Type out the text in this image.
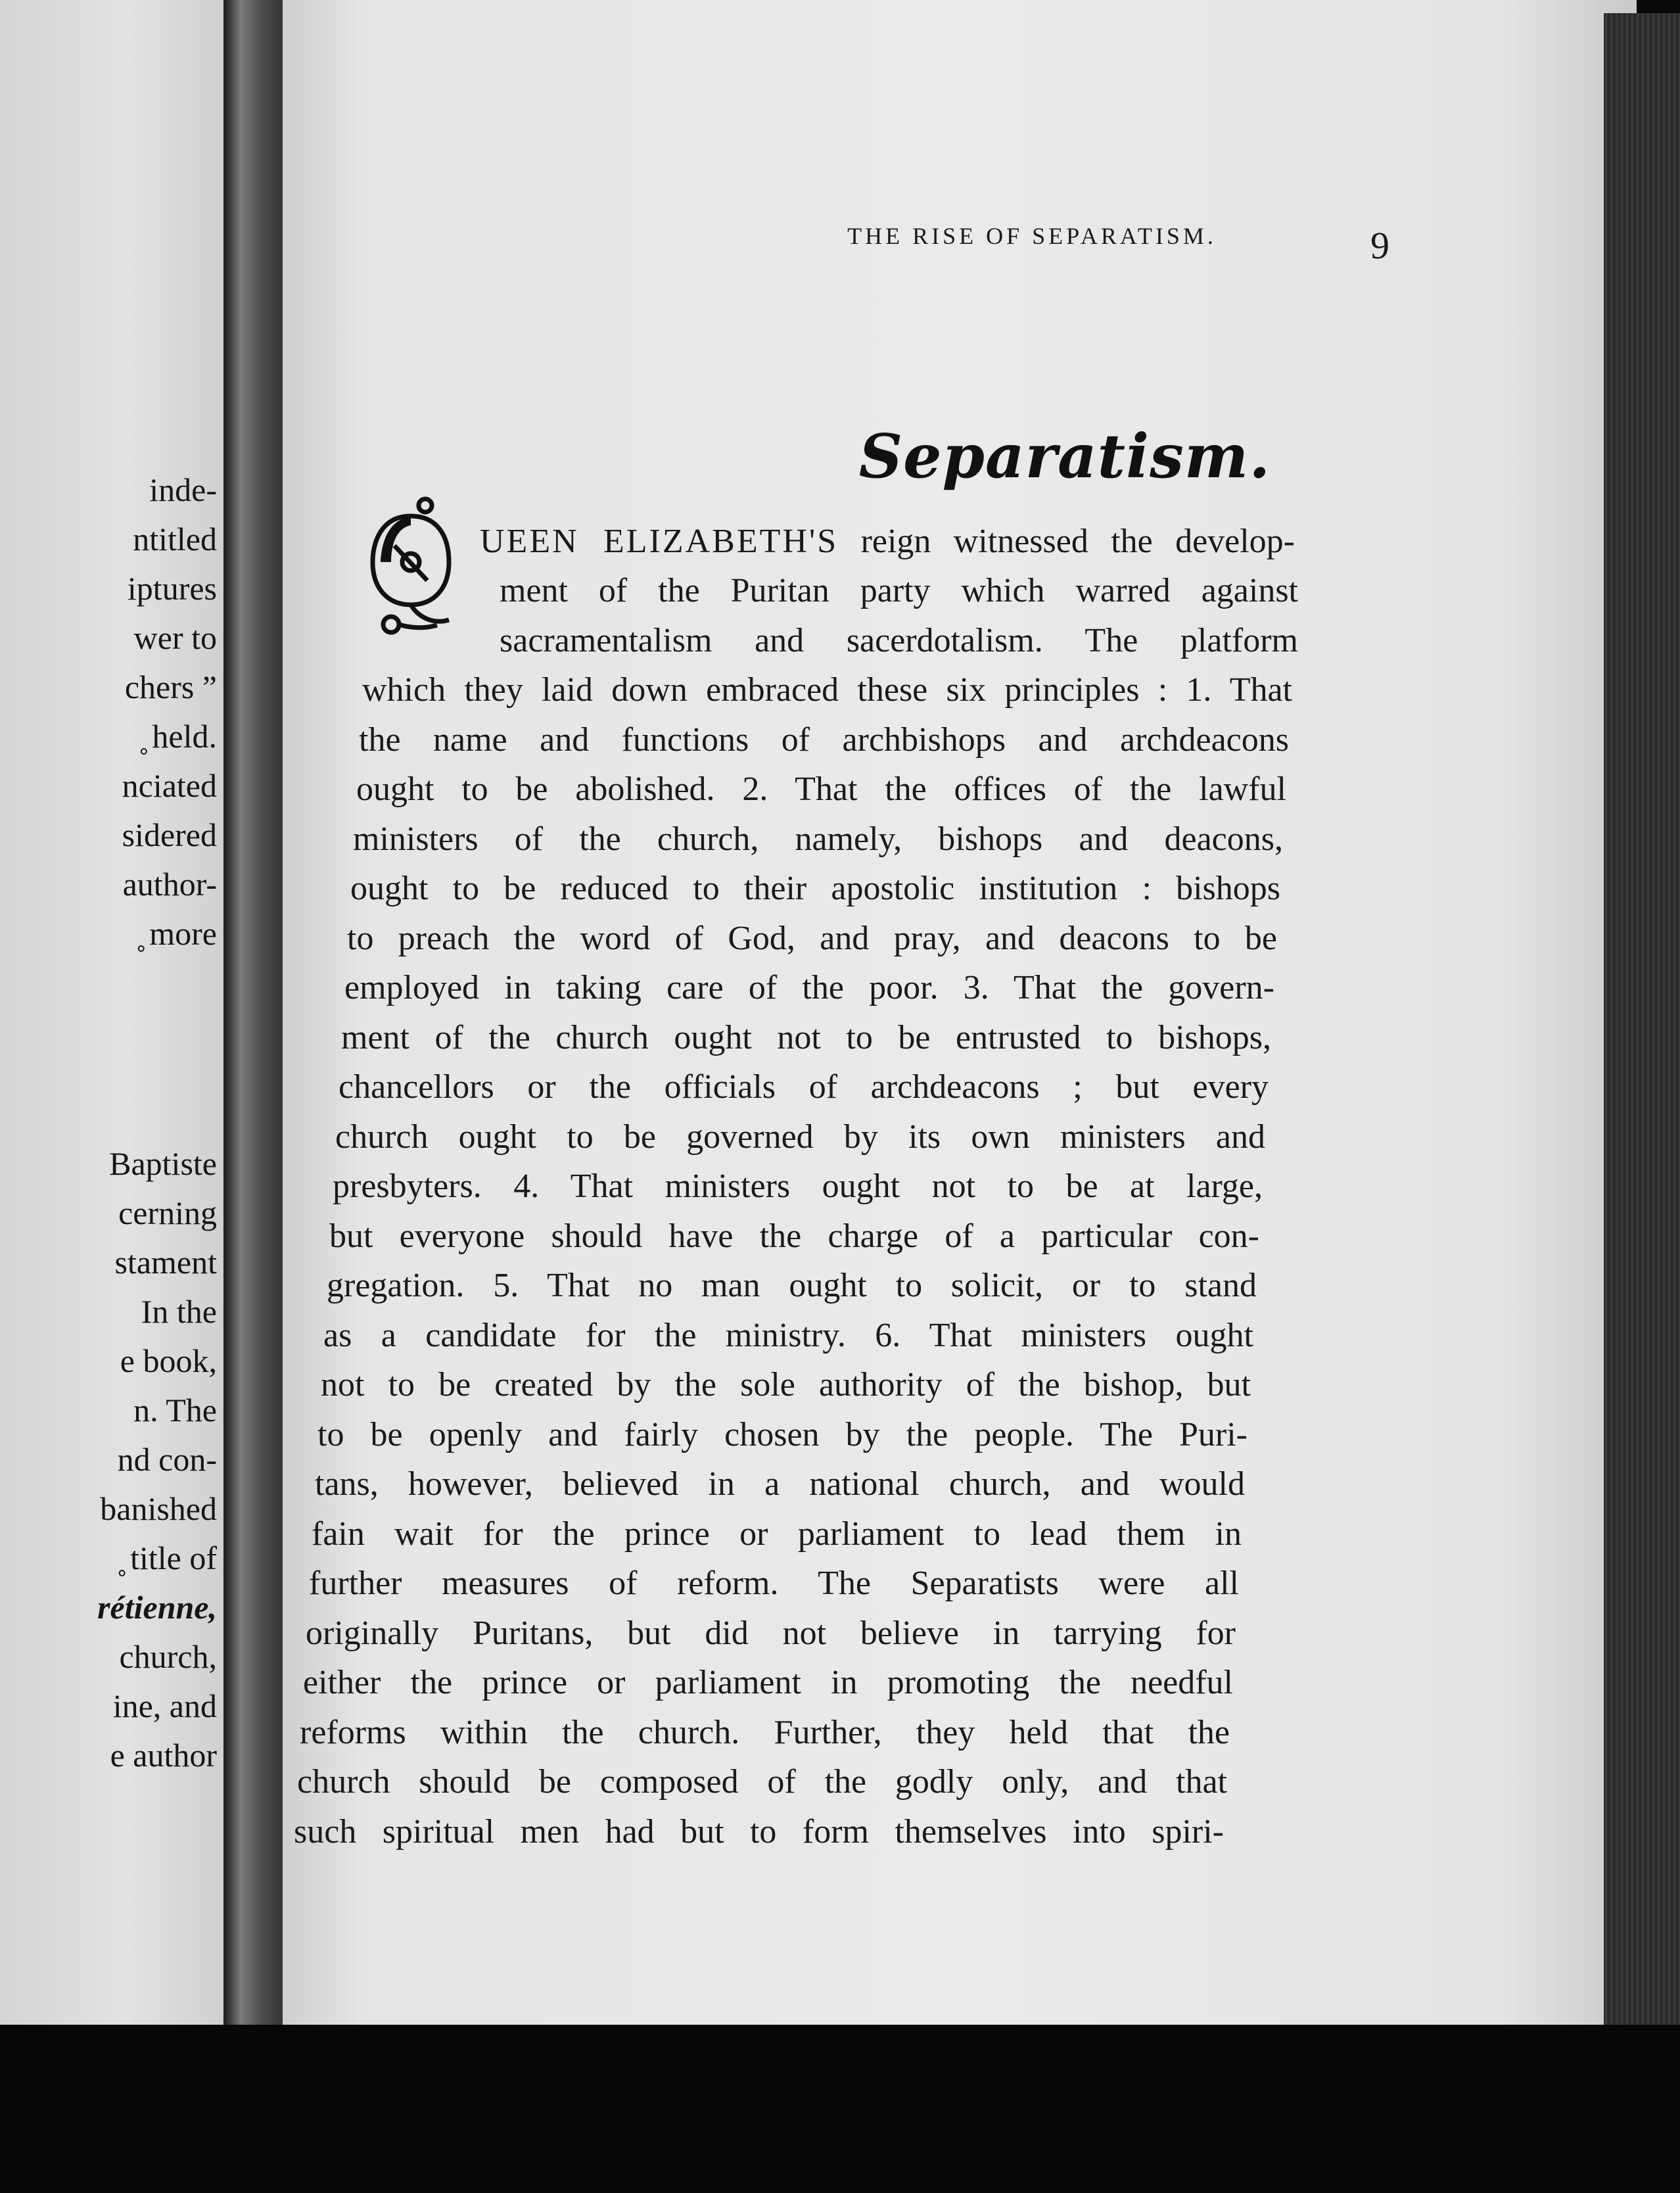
inde-
ntitled
iptures
wer to
chers ”
̥ held.
nciated
sidered
author-
̥ more
Baptiste
cerning
stament
In the
e book,
n. The
nd con-
banished
̥ title of
rétienne,
church,
ine, and
e author
THE RISE OF SEPARATISM.	9
Separatism.
Q
UEEN ELIZABETH'S reign witnessed the develop-
ment of the Puritan party which warred against
sacramentalism and sacerdotalism. The platform
which they laid down embraced these six principles : 1. That
the name and functions of archbishops and archdeacons
ought to be abolished. 2. That the offices of the lawful
ministers of the church, namely, bishops and deacons,
ought to be reduced to their apostolic institution : bishops
to preach the word of God, and pray, and deacons to be
employed in taking care of the poor. 3. That the govern-
ment of the church ought not to be entrusted to bishops,
chancellors or the officials of archdeacons ; but every
church ought to be governed by its own ministers and
presbyters. 4. That ministers ought not to be at large,
but everyone should have the charge of a particular con-
gregation. 5. That no man ought to solicit, or to stand
as a candidate for the ministry. 6. That ministers ought
not to be created by the sole authority of the bishop, but
to be openly and fairly chosen by the people. The Puri-
tans, however, believed in a national church, and would
fain wait for the prince or parliament to lead them in
further measures of reform. The Separatists were all
originally Puritans, but did not believe in tarrying for
either the prince or parliament in promoting the needful
reforms within the church. Further, they held that the
church should be composed of the godly only, and that
such spiritual men had but to form themselves into spiri-
